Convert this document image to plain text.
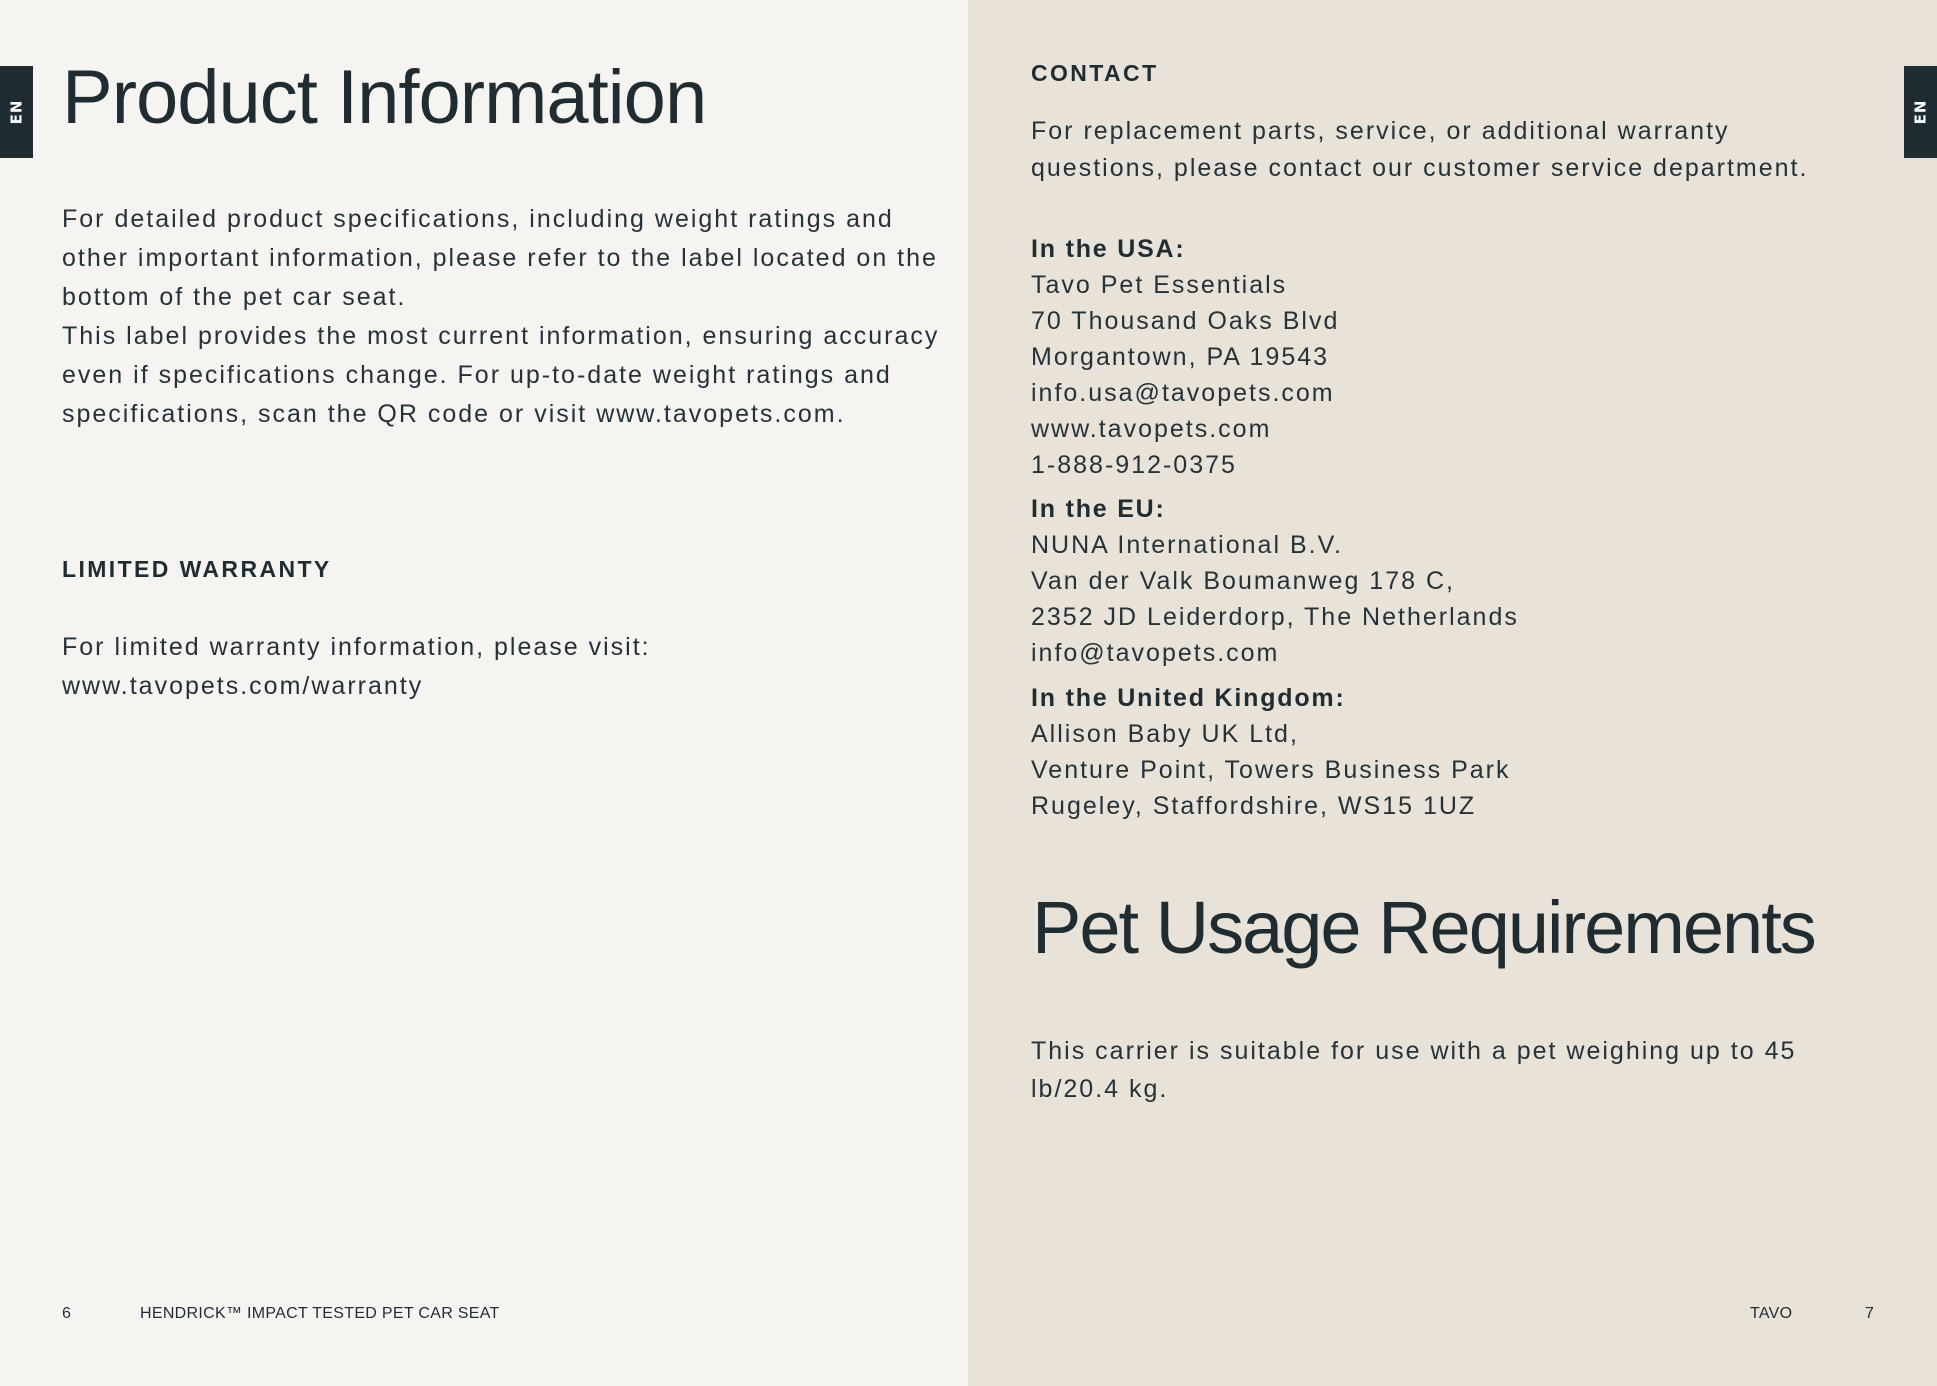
EN Product Information
For detailed product specifications, including weight ratings and other important information, please refer to the label located on the bottom of the pet car seat.
This label provides the most current information, ensuring accuracy even if specifications change. For up-to-date weight ratings and specifications, scan the QR code or visit www.tavopets.com.
LIMITED WARRANTY
For limited warranty information, please visit:
www.tavopets.com/warranty
6	HENDRICK™ IMPACT TESTED PET CAR SEAT
EN
CONTACT

For replacement parts, service, or additional warranty questions, please contact our customer service department.

In the USA:
Tavo Pet Essentials
70 Thousand Oaks Blvd
Morgantown, PA 19543
info.usa@tavopets.com
www.tavopets.com
1-888-912-0375
In the EU:
NUNA International B.V.
Van der Valk Boumanweg 178 C,
2352 JD Leiderdorp, The Netherlands
info@tavopets.com
In the United Kingdom:
Allison Baby UK Ltd,
Venture Point, Towers Business Park
Rugeley, Staffordshire, WS15 1UZ
Pet Usage Requirements

This carrier is suitable for use with a pet weighing up to 45 lb/20.4 kg.

TAVO	7
